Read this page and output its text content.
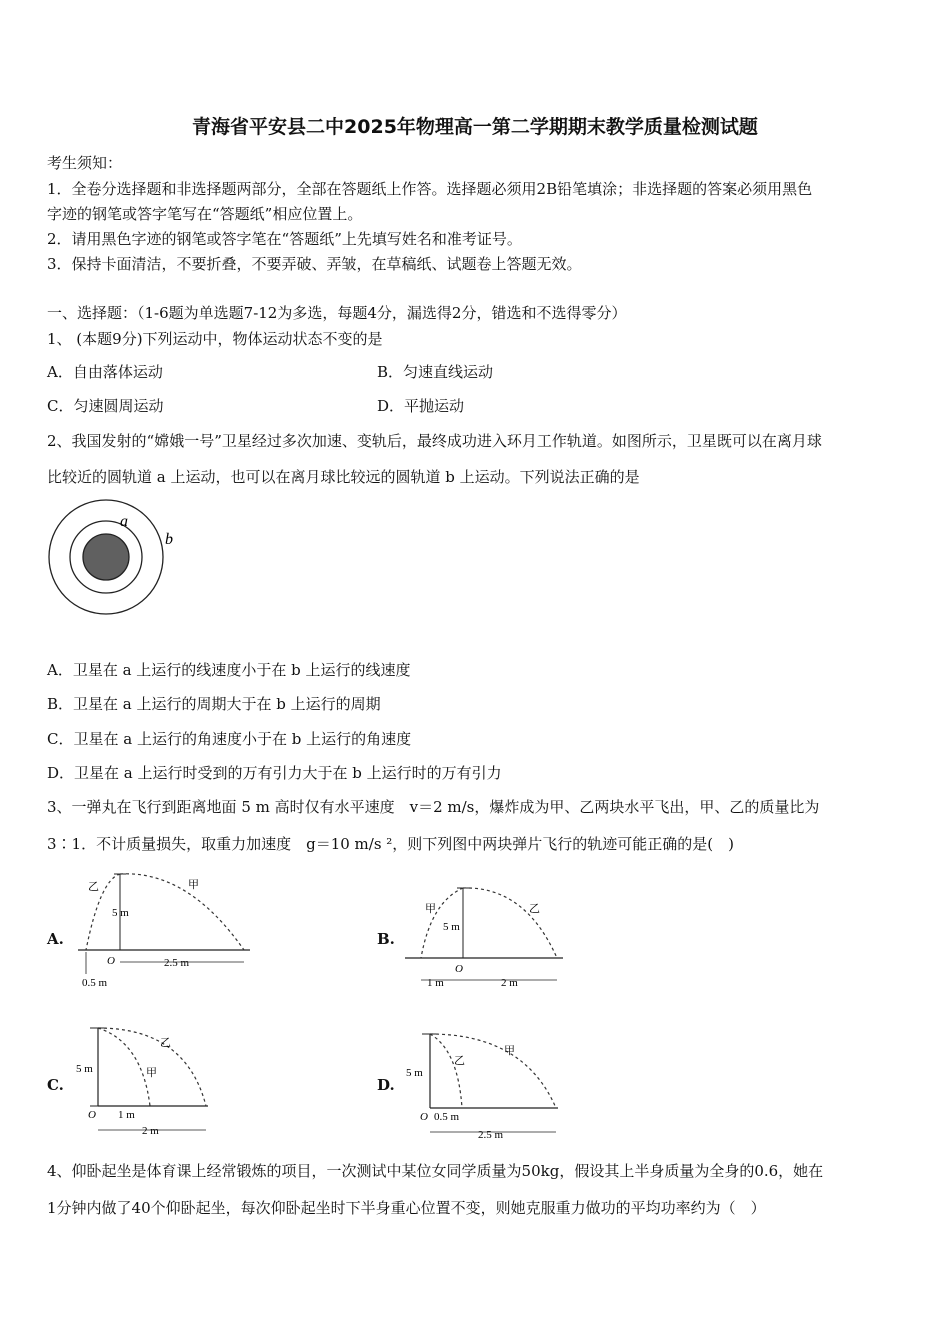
青海省平安县二中2025年物理高一第二学期期末教学质量检测试题
考生须知：
1．全卷分选择题和非选择题两部分，全部在答题纸上作答。选择题必须用2B铅笔填涂；非选择题的答案必须用黑色
字迹的钢笔或答字笔写在“答题纸”相应位置上。
2．请用黑色字迹的钢笔或答字笔在“答题纸”上先填写姓名和准考证号。
3．保持卡面清洁，不要折叠，不要弄破、弄皱，在草稿纸、试题卷上答题无效。
一、选择题：（1-6题为单选题7-12为多选，每题4分，漏选得2分，错选和不选得零分）
1、 (本题9分)下列运动中，物体运动状态不变的是
A．自由落体运动	B．匀速直线运动
C．匀速圆周运动	D．平抛运动
2、我国发射的“嫦娥一号”卫星经过多次加速、变轨后，最终成功进入环月工作轨道。如图所示，卫星既可以在离月球
比较近的圆轨道 a 上运动，也可以在离月球比较远的圆轨道 b 上运动。下列说法正确的是
a
b
A．卫星在 a 上运行的线速度小于在 b 上运行的线速度
B．卫星在 a 上运行的周期大于在 b 上运行的周期
C．卫星在 a 上运行的角速度小于在 b 上运行的角速度
D．卫星在 a 上运行时受到的万有引力大于在 b 上运行时的万有引力
3、一弹丸在飞行到距离地面 5 m 高时仅有水平速度　v＝2 m/s，爆炸成为甲、乙两块水平飞出，甲、乙的质量比为
3∶1．不计质量损失，取重力加速度　g＝10 m/s ²，则下列图中两块弹片飞行的轨迹可能正确的是(　)
A.
5 m
O	2.5 m
0.5 m
甲
乙
B.
5 m
O
1 m	2 m
甲	乙
C.
5 m
O 1 m
2 m
甲
乙
D.
5 m
O 0.5 m
2.5 m
甲
乙
4、仰卧起坐是体育课上经常锻炼的项目，一次测试中某位女同学质量为50kg，假设其上半身质量为全身的0.6，她在
1分钟内做了40个仰卧起坐，每次仰卧起坐时下半身重心位置不变，则她克服重力做功的平均功率约为（　）
